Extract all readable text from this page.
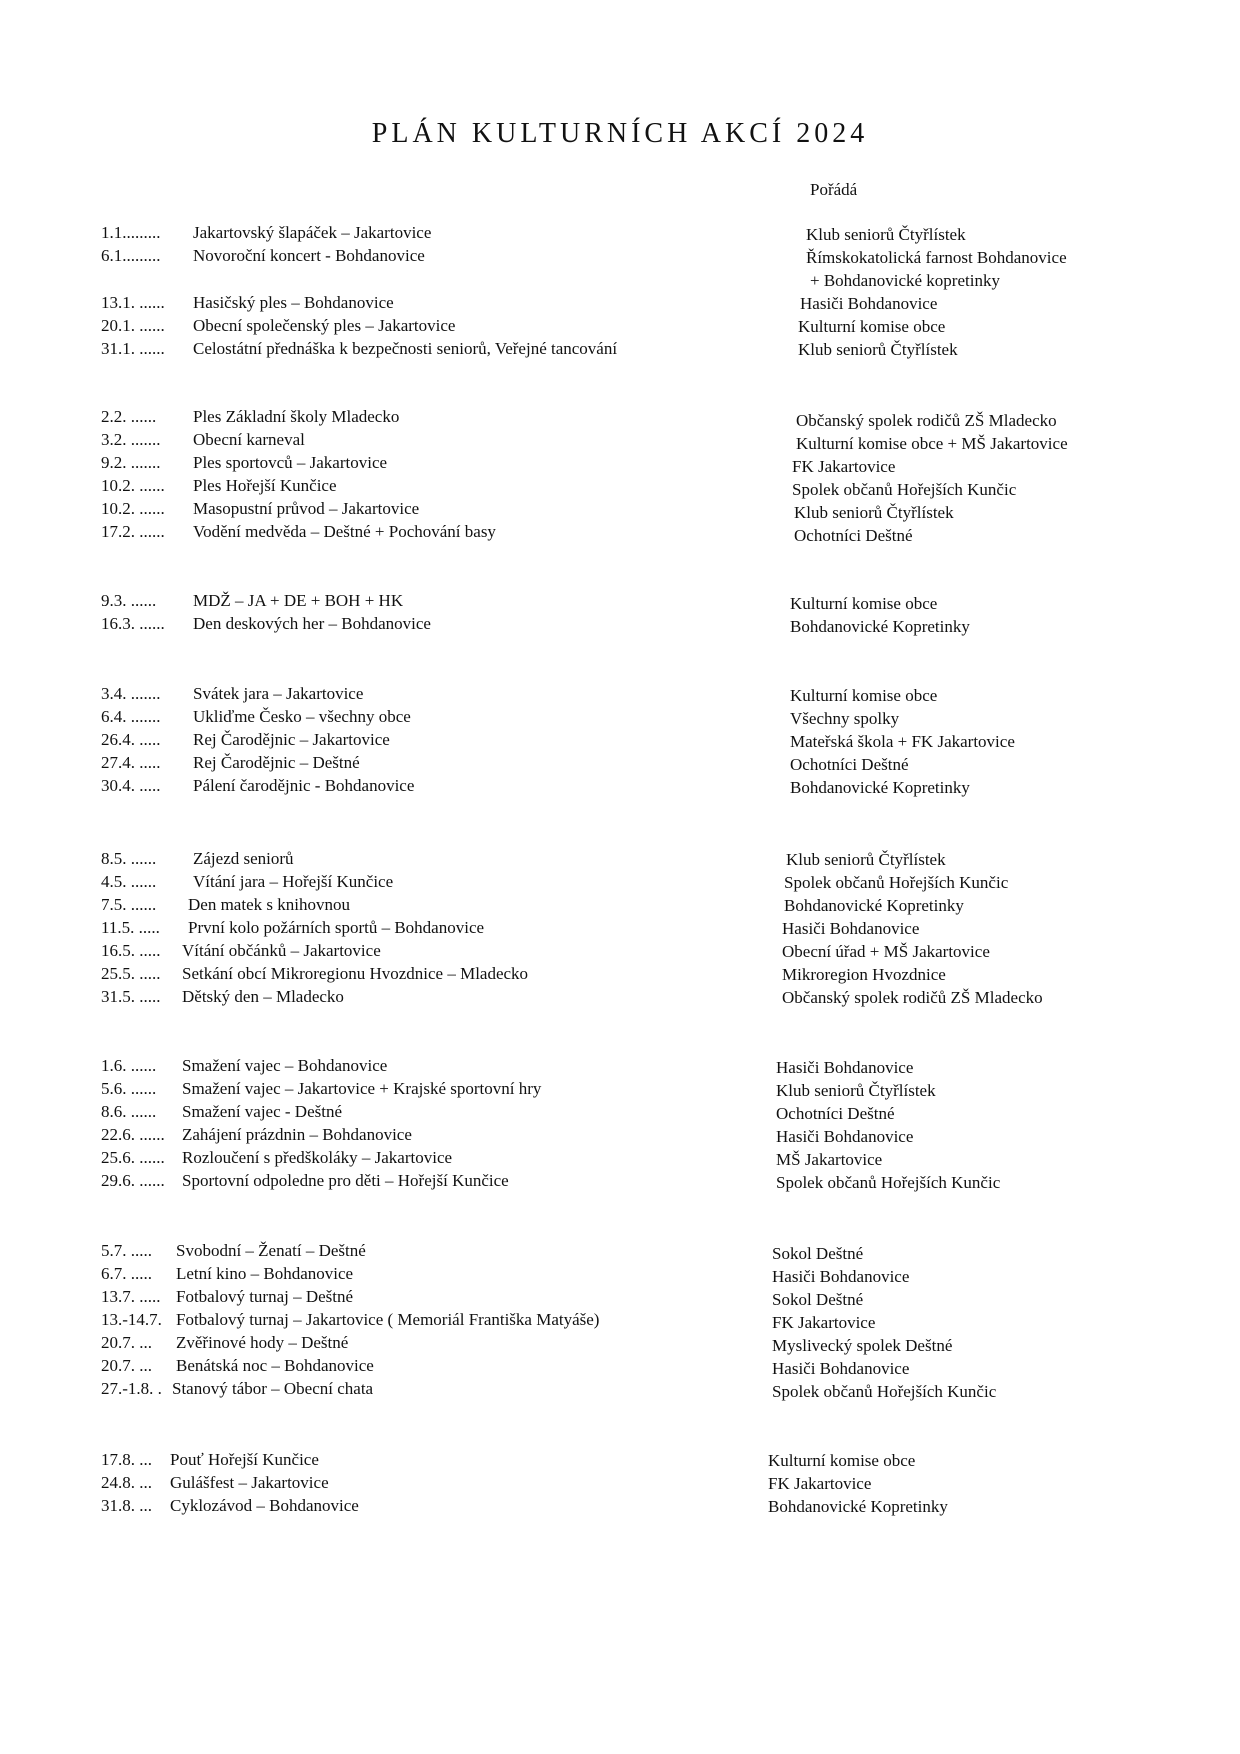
PLÁN KULTURNÍCH AKCÍ 2024
Pořádá
1.1......... Jakartovský šlapáček – Jakartovice
6.1......... Novoroční koncert - Bohdanovice
13.1. ...... Hasičský ples – Bohdanovice
20.1. ...... Obecní společenský ples – Jakartovice
31.1. ...... Celostátní přednáška k bezpečnosti seniorů, Veřejné tancování
2.2. ...... Ples Základní školy Mladecko
3.2. ....... Obecní karneval
9.2. ....... Ples sportovců – Jakartovice
10.2. ...... Ples Hořejší Kunčice
10.2. ...... Masopustní průvod – Jakartovice
17.2. ...... Vodění medvěda – Deštné + Pochování basy
9.3. ...... MDŽ – JA + DE + BOH + HK
16.3. ...... Den deskových her – Bohdanovice
3.4. ....... Svátek jara – Jakartovice
6.4. ....... Ukliďme Česko – všechny obce
26.4. ..... Rej Čarodějnic – Jakartovice
27.4. ..... Rej Čarodějnic – Deštné
30.4. ..... Pálení čarodějnic - Bohdanovice
8.5. ...... Zájezd seniorů
4.5. ...... Vítání jara – Hořejší Kunčice
7.5. ...... Den matek s knihovnou
11.5. ..... První kolo požárních sportů – Bohdanovice
16.5. ..... Vítání občánků – Jakartovice
25.5. ..... Setkání obcí Mikroregionu Hvozdnice – Mladecko
31.5. ..... Dětský den – Mladecko
1.6. ...... Smažení vajec – Bohdanovice
5.6. ...... Smažení vajec – Jakartovice + Krajské sportovní hry
8.6. ...... Smažení vajec - Deštné
22.6. ...... Zahájení prázdnin – Bohdanovice
25.6. ...... Rozloučení s předškoláky – Jakartovice
29.6. ...... Sportovní odpoledne pro děti – Hořejší Kunčice
5.7. ..... Svobodní – Ženatí – Deštné
6.7. ..... Letní kino – Bohdanovice
13.7. ..... Fotbalový turnaj – Deštné
13.-14.7. Fotbalový turnaj – Jakartovice ( Memoriál Františka Matyáše)
20.7. ... Zvěřinové hody – Deštné
20.7. ... Benátská noc – Bohdanovice
27.-1.8. . Stanový tábor – Obecní chata
17.8. ... Pouť Hořejší Kunčice
24.8. ... Gulášfest – Jakartovice
31.8. ... Cyklozávod – Bohdanovice
Klub seniorů Čtyřlístek
Římskokatolická farnost Bohdanovice
+ Bohdanovické kopretinky
Hasiči Bohdanovice
Kulturní komise obce
Klub seniorů Čtyřlístek
Občanský spolek rodičů ZŠ Mladecko
Kulturní komise obce + MŠ Jakartovice
FK Jakartovice
Spolek občanů Hořejších Kunčic
Klub seniorů Čtyřlístek
Ochotníci Deštné
Kulturní komise obce
Bohdanovické Kopretinky
Kulturní komise obce
Všechny spolky
Mateřská škola + FK Jakartovice
Ochotníci Deštné
Bohdanovické Kopretinky
Klub seniorů Čtyřlístek
Spolek občanů Hořejších Kunčic
Bohdanovické Kopretinky
Hasiči Bohdanovice
Obecní úřad + MŠ Jakartovice
Mikroregion Hvozdnice
Občanský spolek rodičů ZŠ Mladecko
Hasiči Bohdanovice
Klub seniorů Čtyřlístek
Ochotníci Deštné
Hasiči Bohdanovice
MŠ Jakartovice
Spolek občanů Hořejších Kunčic
Sokol Deštné
Hasiči Bohdanovice
Sokol Deštné
FK Jakartovice
Myslivecký spolek Deštné
Hasiči Bohdanovice
Spolek občanů Hořejších Kunčic
Kulturní komise obce
FK Jakartovice
Bohdanovické Kopretinky
